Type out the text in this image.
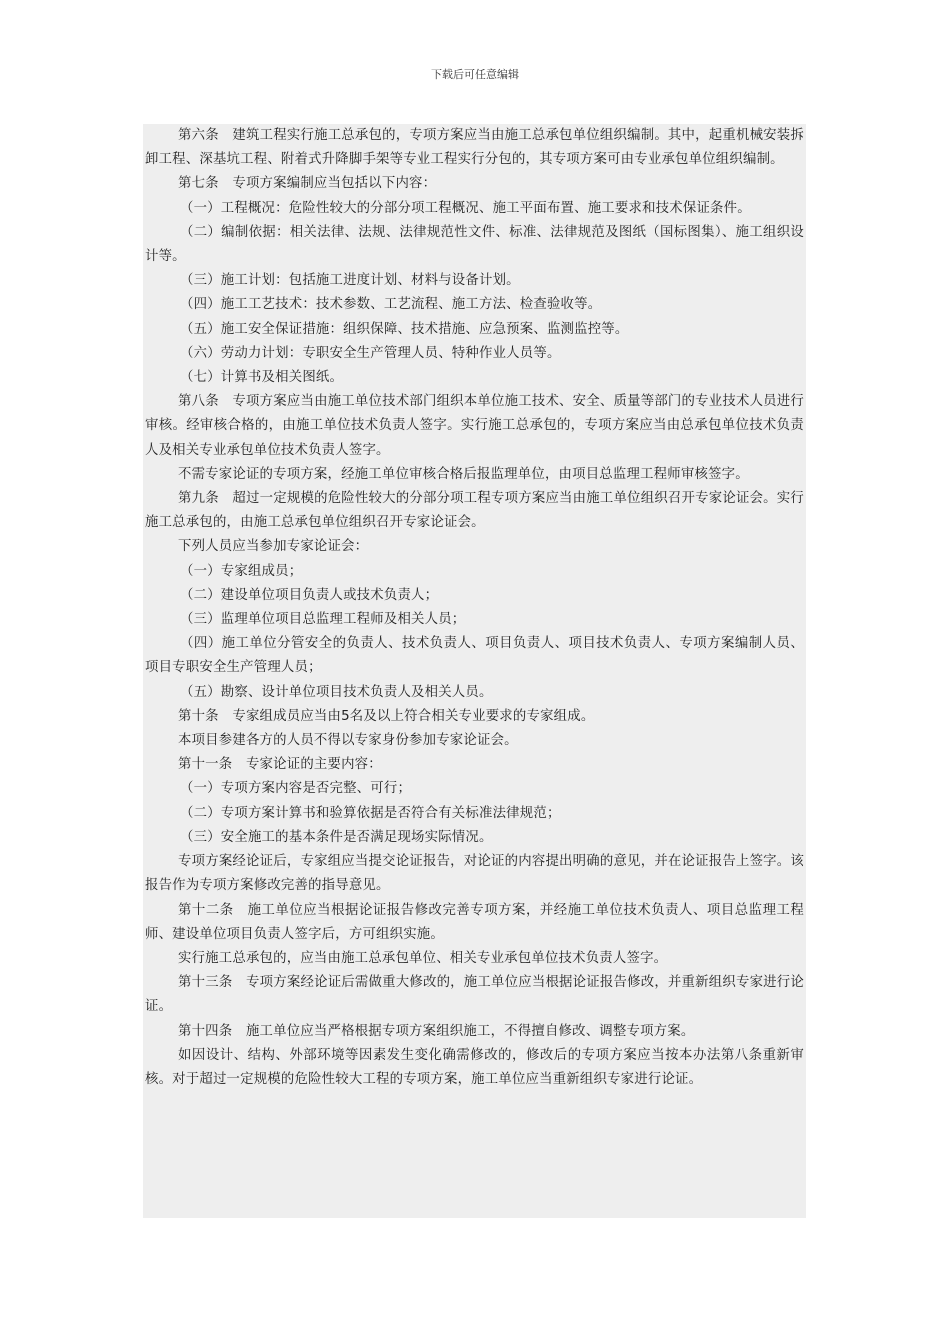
下载后可任意编辑

第六条　建筑工程实行施工总承包的，专项方案应当由施工总承包单位组织编制。其中，起重机械安装拆卸工程、深基坑工程、附着式升降脚手架等专业工程实行分包的，其专项方案可由专业承包单位组织编制。

第七条　专项方案编制应当包括以下内容：

（一）工程概况：危险性较大的分部分项工程概况、施工平面布置、施工要求和技术保证条件。

（二）编制依据：相关法律、法规、法律规范性文件、标准、法律规范及图纸（国标图集）、施工组织设计等。

（三）施工计划：包括施工进度计划、材料与设备计划。

（四）施工工艺技术：技术参数、工艺流程、施工方法、检查验收等。

（五）施工安全保证措施：组织保障、技术措施、应急预案、监测监控等。

（六）劳动力计划：专职安全生产管理人员、特种作业人员等。

（七）计算书及相关图纸。

第八条　专项方案应当由施工单位技术部门组织本单位施工技术、安全、质量等部门的专业技术人员进行审核。经审核合格的，由施工单位技术负责人签字。实行施工总承包的，专项方案应当由总承包单位技术负责人及相关专业承包单位技术负责人签字。

不需专家论证的专项方案，经施工单位审核合格后报监理单位，由项目总监理工程师审核签字。

第九条　超过一定规模的危险性较大的分部分项工程专项方案应当由施工单位组织召开专家论证会。实行施工总承包的，由施工总承包单位组织召开专家论证会。

下列人员应当参加专家论证会：

（一）专家组成员；

（二）建设单位项目负责人或技术负责人；

（三）监理单位项目总监理工程师及相关人员；

（四）施工单位分管安全的负责人、技术负责人、项目负责人、项目技术负责人、专项方案编制人员、项目专职安全生产管理人员；

（五）勘察、设计单位项目技术负责人及相关人员。

第十条　专家组成员应当由5名及以上符合相关专业要求的专家组成。

本项目参建各方的人员不得以专家身份参加专家论证会。

第十一条　专家论证的主要内容：

（一）专项方案内容是否完整、可行；

（二）专项方案计算书和验算依据是否符合有关标准法律规范；

（三）安全施工的基本条件是否满足现场实际情况。

专项方案经论证后，专家组应当提交论证报告，对论证的内容提出明确的意见，并在论证报告上签字。该报告作为专项方案修改完善的指导意见。

第十二条　施工单位应当根据论证报告修改完善专项方案，并经施工单位技术负责人、项目总监理工程师、建设单位项目负责人签字后，方可组织实施。

实行施工总承包的，应当由施工总承包单位、相关专业承包单位技术负责人签字。

第十三条　专项方案经论证后需做重大修改的，施工单位应当根据论证报告修改，并重新组织专家进行论证。

第十四条　施工单位应当严格根据专项方案组织施工，不得擅自修改、调整专项方案。

如因设计、结构、外部环境等因素发生变化确需修改的，修改后的专项方案应当按本办法第八条重新审核。对于超过一定规模的危险性较大工程的专项方案，施工单位应当重新组织专家进行论证。
